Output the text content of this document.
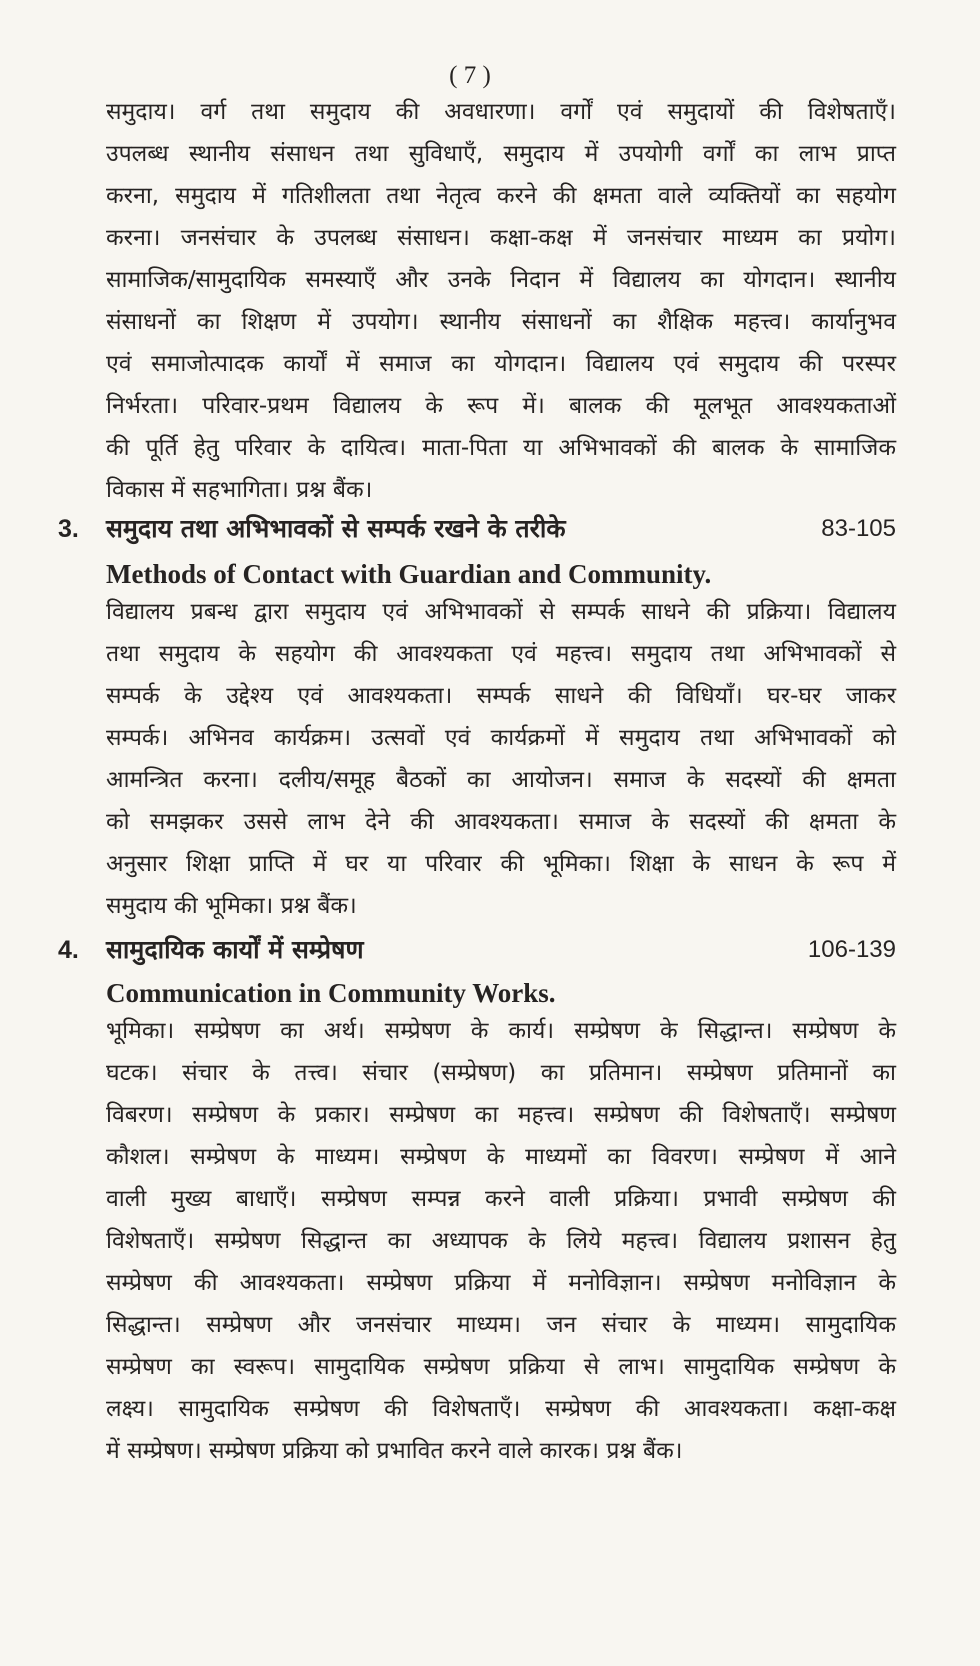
( 7 )
समुदाय। वर्ग तथा समुदाय की अवधारणा। वर्गों एवं समुदायों की विशेषताएँ।
उपलब्ध स्थानीय संसाधन तथा सुविधाएँ, समुदाय में उपयोगी वर्गों का लाभ प्राप्त
करना, समुदाय में गतिशीलता तथा नेतृत्व करने की क्षमता वाले व्यक्तियों का सहयोग
करना। जनसंचार के उपलब्ध संसाधन। कक्षा-कक्ष में जनसंचार माध्यम का प्रयोग।
सामाजिक/सामुदायिक समस्याएँ और उनके निदान में विद्यालय का योगदान। स्थानीय
संसाधनों का शिक्षण में उपयोग। स्थानीय संसाधनों का शैक्षिक महत्त्व। कार्यानुभव
एवं समाजोत्पादक कार्यों में समाज का योगदान। विद्यालय एवं समुदाय की परस्पर
निर्भरता। परिवार-प्रथम विद्यालय के रूप में। बालक की मूलभूत आवश्यकताओं
की पूर्ति हेतु परिवार के दायित्व। माता-पिता या अभिभावकों की बालक के सामाजिक
विकास में सहभागिता। प्रश्न बैंक।
3. समुदाय तथा अभिभावकों से सम्पर्क रखने के तरीके	83-105
Methods of Contact with Guardian and Community.
विद्यालय प्रबन्ध द्वारा समुदाय एवं अभिभावकों से सम्पर्क साधने की प्रक्रिया। विद्यालय
तथा समुदाय के सहयोग की आवश्यकता एवं महत्त्व। समुदाय तथा अभिभावकों से
सम्पर्क के उद्देश्य एवं आवश्यकता। सम्पर्क साधने की विधियाँ। घर-घर जाकर
सम्पर्क। अभिनव कार्यक्रम। उत्सवों एवं कार्यक्रमों में समुदाय तथा अभिभावकों को
आमन्त्रित करना। दलीय/समूह बैठकों का आयोजन। समाज के सदस्यों की क्षमता
को समझकर उससे लाभ देने की आवश्यकता। समाज के सदस्यों की क्षमता के
अनुसार शिक्षा प्राप्ति में घर या परिवार की भूमिका। शिक्षा के साधन के रूप में
समुदाय की भूमिका। प्रश्न बैंक।
4. सामुदायिक कार्यों में सम्प्रेषण	106-139
Communication in Community Works.
भूमिका। सम्प्रेषण का अर्थ। सम्प्रेषण के कार्य। सम्प्रेषण के सिद्धान्त। सम्प्रेषण के
घटक। संचार के तत्त्व। संचार (सम्प्रेषण) का प्रतिमान। सम्प्रेषण प्रतिमानों का
विबरण। सम्प्रेषण के प्रकार। सम्प्रेषण का महत्त्व। सम्प्रेषण की विशेषताएँ। सम्प्रेषण
कौशल। सम्प्रेषण के माध्यम। सम्प्रेषण के माध्यमों का विवरण। सम्प्रेषण में आने
वाली मुख्य बाधाएँ। सम्प्रेषण सम्पन्न करने वाली प्रक्रिया। प्रभावी सम्प्रेषण की
विशेषताएँ। सम्प्रेषण सिद्धान्त का अध्यापक के लिये महत्त्व। विद्यालय प्रशासन हेतु
सम्प्रेषण की आवश्यकता। सम्प्रेषण प्रक्रिया में मनोविज्ञान। सम्प्रेषण मनोविज्ञान के
सिद्धान्त। सम्प्रेषण और जनसंचार माध्यम। जन संचार के माध्यम। सामुदायिक
सम्प्रेषण का स्वरूप। सामुदायिक सम्प्रेषण प्रक्रिया से लाभ। सामुदायिक सम्प्रेषण के
लक्ष्य। सामुदायिक सम्प्रेषण की विशेषताएँ। सम्प्रेषण की आवश्यकता। कक्षा-कक्ष
में सम्प्रेषण। सम्प्रेषण प्रक्रिया को प्रभावित करने वाले कारक। प्रश्न बैंक।
